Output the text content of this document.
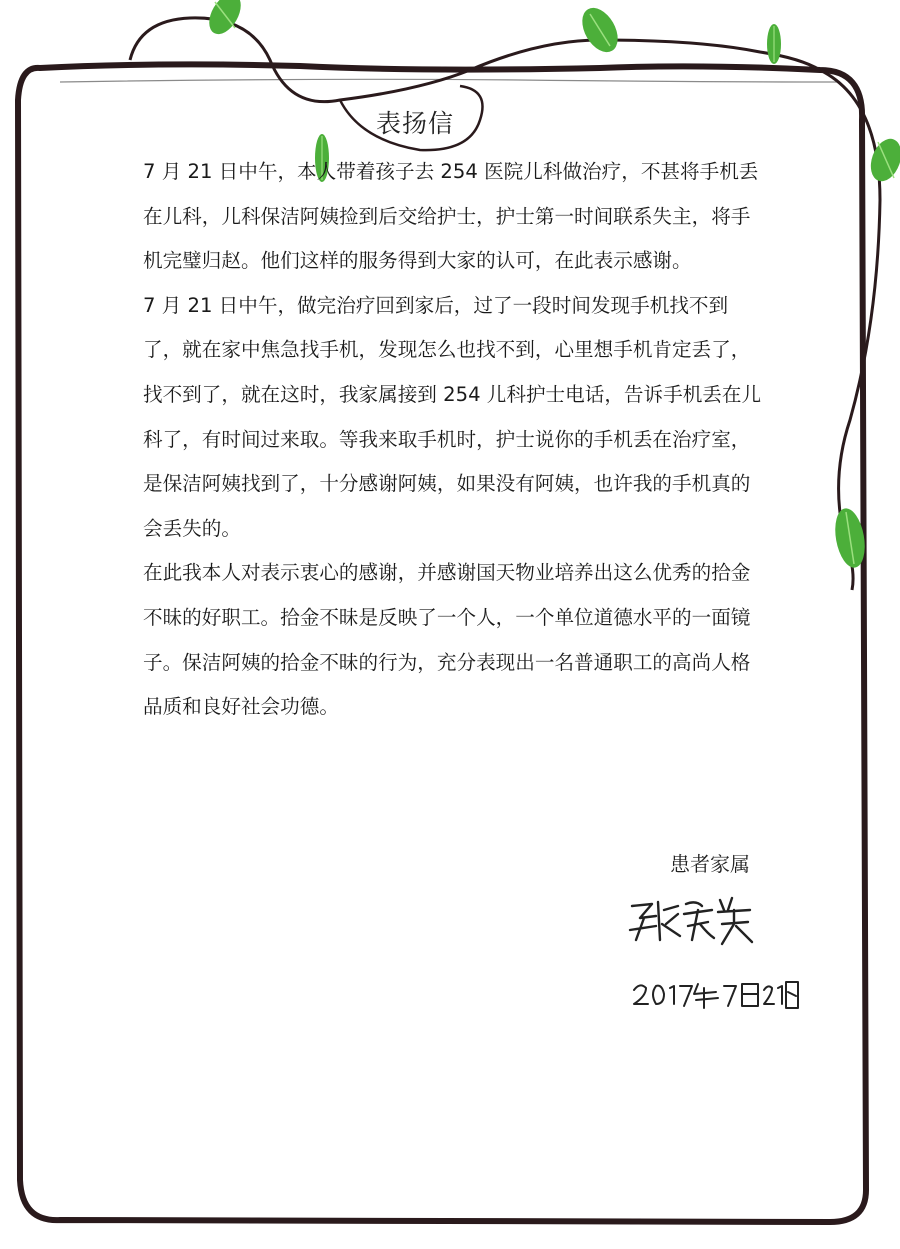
表扬信

7 月 21 日中午，本人带着孩子去 254 医院儿科做治疗，不甚将手机丢在儿科，儿科保洁阿姨捡到后交给护士，护士第一时间联系失主，将手机完璧归赵。他们这样的服务得到大家的认可，在此表示感谢。

7 月 21 日中午，做完治疗回到家后，过了一段时间发现手机找不到了，就在家中焦急找手机，发现怎么也找不到，心里想手机肯定丢了，找不到了，就在这时，我家属接到 254 儿科护士电话，告诉手机丢在儿科了，有时间过来取。等我来取手机时，护士说你的手机丢在治疗室，是保洁阿姨找到了，十分感谢阿姨，如果没有阿姨，也许我的手机真的会丢失的。

在此我本人对表示衷心的感谢，并感谢国天物业培养出这么优秀的拾金不昧的好职工。拾金不昧是反映了一个人，一个单位道德水平的一面镜子。保洁阿姨的拾金不昧的行为，充分表现出一名普通职工的高尚人格品质和良好社会功德。

患者家属
